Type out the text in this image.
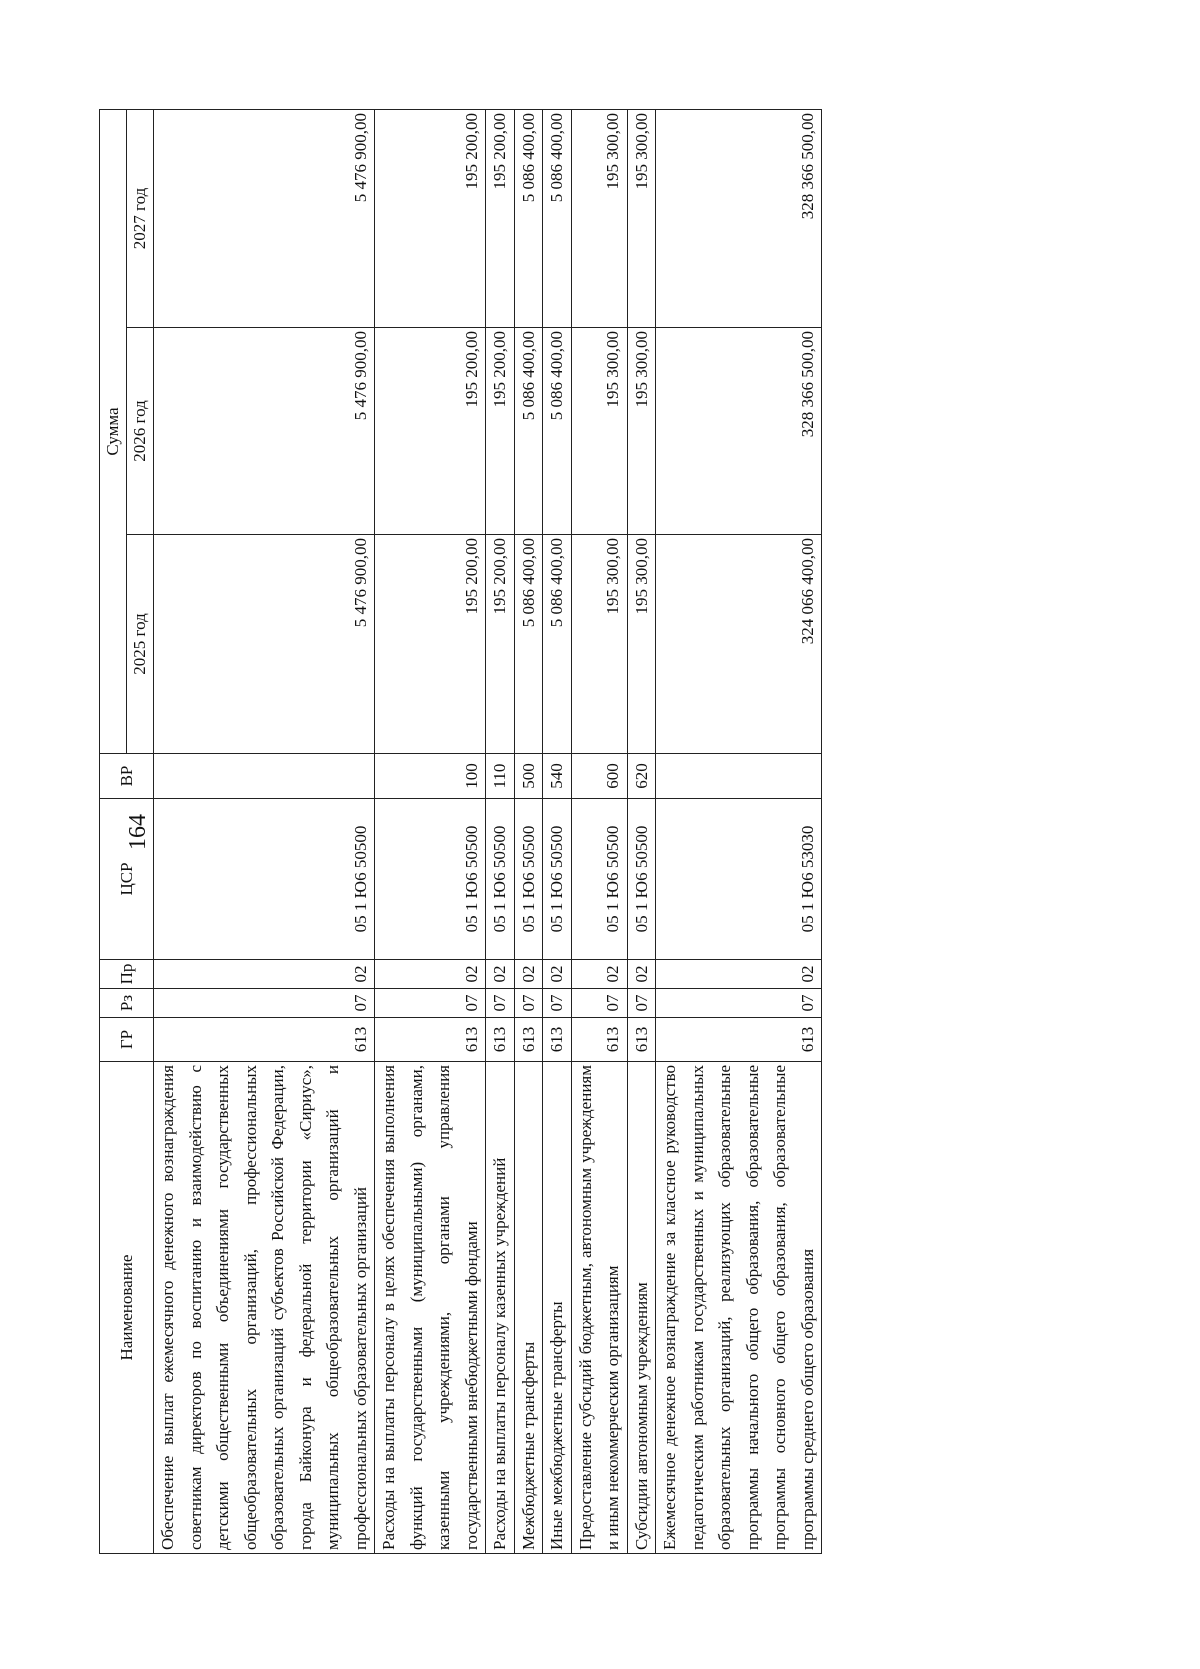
164
Наименование	ГР	Рз	Пр	ЦСР	ВР	Сумма		
						2025 год	2026 год	2027 год
Обеспечение выплат ежемесячного денежного вознаграждения советникам директоров по воспитанию и взаимодействию с детскими общественными объединениями государственных общеобразовательных организаций, профессиональных образовательных организаций субъектов Российской Федерации, города Байконура и федеральной территории «Сириус», муниципальных общеобразовательных организаций и профессиональных образовательных организаций	613	07	02	05 1 Ю6 50500		5 476 900,00	5 476 900,00	5 476 900,00
Расходы на выплаты персоналу в целях обеспечения выполнения функций государственными (муниципальными) органами, казенными учреждениями, органами управления государственными внебюджетными фондами	613	07	02	05 1 Ю6 50500	100	195 200,00	195 200,00	195 200,00
Расходы на выплаты персоналу казенных учреждений	613	07	02	05 1 Ю6 50500	110	195 200,00	195 200,00	195 200,00
Межбюджетные трансферты	613	07	02	05 1 Ю6 50500	500	5 086 400,00	5 086 400,00	5 086 400,00
Иные межбюджетные трансферты	613	07	02	05 1 Ю6 50500	540	5 086 400,00	5 086 400,00	5 086 400,00
Предоставление субсидий бюджетным, автономным учреждениям и иным некоммерческим организациям	613	07	02	05 1 Ю6 50500	600	195 300,00	195 300,00	195 300,00
Субсидии автономным учреждениям	613	07	02	05 1 Ю6 50500	620	195 300,00	195 300,00	195 300,00
Ежемесячное денежное вознаграждение за классное руководство педагогическим работникам государственных и муниципальных образовательных организаций, реализующих образовательные программы начального общего образования, образовательные программы основного общего образования, образовательные программы среднего общего образования	613	07	02	05 1 Ю6 53030		324 066 400,00	328 366 500,00	328 366 500,00
